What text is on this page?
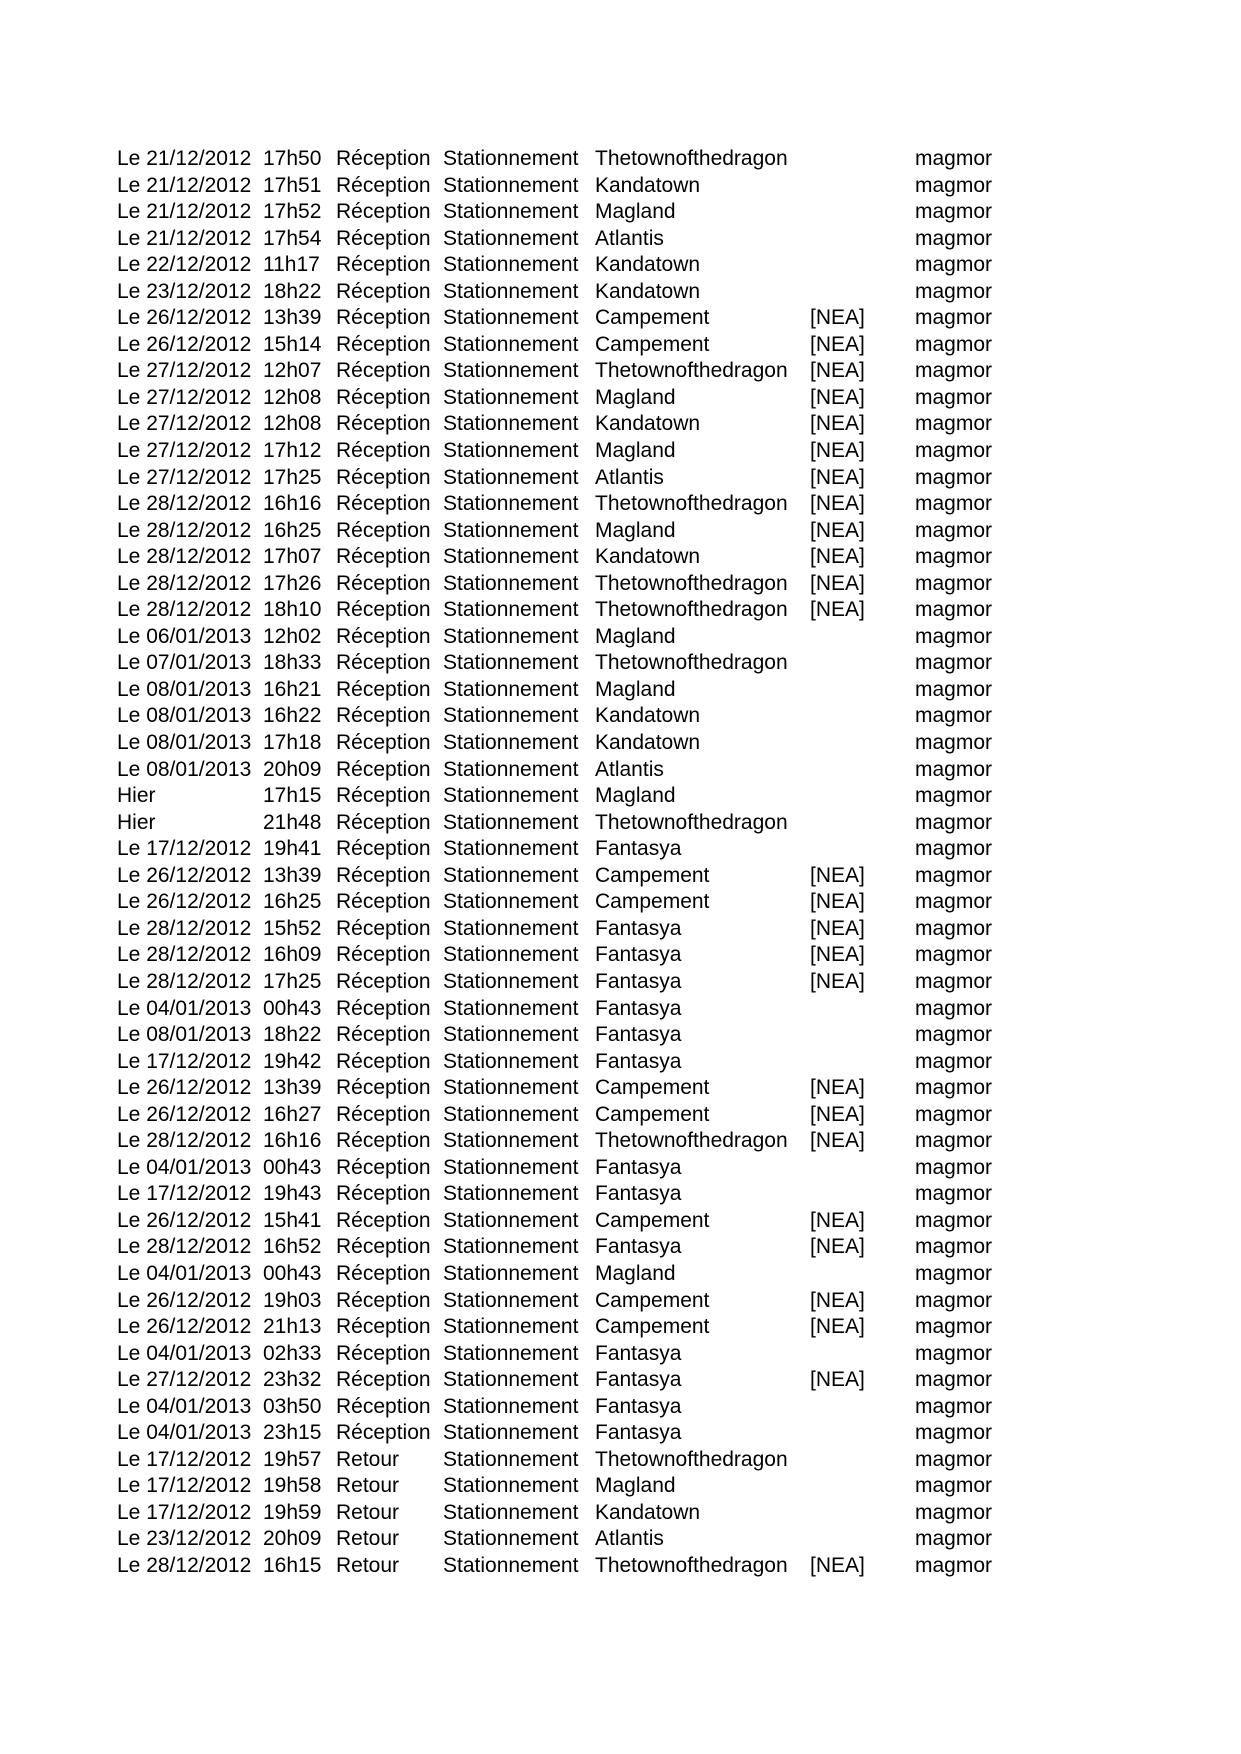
Le 21/12/2012 17h50 Réception Stationnement Thetownofthedragon	magmor
Le 21/12/2012 17h51 Réception Stationnement Kandatown	magmor
Le 21/12/2012 17h52 Réception Stationnement Magland	magmor
Le 21/12/2012 17h54 Réception Stationnement Atlantis	magmor
Le 22/12/2012 11h17 Réception Stationnement Kandatown	magmor
Le 23/12/2012 18h22 Réception Stationnement Kandatown	magmor
Le 26/12/2012 13h39 Réception Stationnement Campement	[NEA]	magmor
Le 26/12/2012 15h14 Réception Stationnement Campement	[NEA]	magmor
Le 27/12/2012 12h07 Réception Stationnement Thetownofthedragon	[NEA]	magmor
Le 27/12/2012 12h08 Réception Stationnement Magland	[NEA]	magmor
Le 27/12/2012 12h08 Réception Stationnement Kandatown	[NEA]	magmor
Le 27/12/2012 17h12 Réception Stationnement Magland	[NEA]	magmor
Le 27/12/2012 17h25 Réception Stationnement Atlantis	[NEA]	magmor
Le 28/12/2012 16h16 Réception Stationnement Thetownofthedragon	[NEA]	magmor
Le 28/12/2012 16h25 Réception Stationnement Magland	[NEA]	magmor
Le 28/12/2012 17h07 Réception Stationnement Kandatown	[NEA]	magmor
Le 28/12/2012 17h26 Réception Stationnement Thetownofthedragon	[NEA]	magmor
Le 28/12/2012 18h10 Réception Stationnement Thetownofthedragon	[NEA]	magmor
Le 06/01/2013 12h02 Réception Stationnement Magland	magmor
Le 07/01/2013 18h33 Réception Stationnement Thetownofthedragon	magmor
Le 08/01/2013 16h21 Réception Stationnement Magland	magmor
Le 08/01/2013 16h22 Réception Stationnement Kandatown	magmor
Le 08/01/2013 17h18 Réception Stationnement Kandatown	magmor
Le 08/01/2013 20h09 Réception Stationnement Atlantis	magmor
Hier	17h15 Réception Stationnement Magland	magmor
Hier	21h48 Réception Stationnement Thetownofthedragon	magmor
Le 17/12/2012 19h41 Réception Stationnement Fantasya	magmor
Le 26/12/2012 13h39 Réception Stationnement Campement	[NEA]	magmor
Le 26/12/2012 16h25 Réception Stationnement Campement	[NEA]	magmor
Le 28/12/2012 15h52 Réception Stationnement Fantasya	[NEA]	magmor
Le 28/12/2012 16h09 Réception Stationnement Fantasya	[NEA]	magmor
Le 28/12/2012 17h25 Réception Stationnement Fantasya	[NEA]	magmor
Le 04/01/2013 00h43 Réception Stationnement Fantasya	magmor
Le 08/01/2013 18h22 Réception Stationnement Fantasya	magmor
Le 17/12/2012 19h42 Réception Stationnement Fantasya	magmor
Le 26/12/2012 13h39 Réception Stationnement Campement	[NEA]	magmor
Le 26/12/2012 16h27 Réception Stationnement Campement	[NEA]	magmor
Le 28/12/2012 16h16 Réception Stationnement Thetownofthedragon	[NEA]	magmor
Le 04/01/2013 00h43 Réception Stationnement Fantasya	magmor
Le 17/12/2012 19h43 Réception Stationnement Fantasya	magmor
Le 26/12/2012 15h41 Réception Stationnement Campement	[NEA]	magmor
Le 28/12/2012 16h52 Réception Stationnement Fantasya	[NEA]	magmor
Le 04/01/2013 00h43 Réception Stationnement Magland	magmor
Le 26/12/2012 19h03 Réception Stationnement Campement	[NEA]	magmor
Le 26/12/2012 21h13 Réception Stationnement Campement	[NEA]	magmor
Le 04/01/2013 02h33 Réception Stationnement Fantasya	magmor
Le 27/12/2012 23h32 Réception Stationnement Fantasya	[NEA]	magmor
Le 04/01/2013 03h50 Réception Stationnement Fantasya	magmor
Le 04/01/2013 23h15 Réception Stationnement Fantasya	magmor
Le 17/12/2012 19h57 Retour	Stationnement Thetownofthedragon	magmor
Le 17/12/2012 19h58 Retour	Stationnement Magland	magmor
Le 17/12/2012 19h59 Retour	Stationnement Kandatown	magmor
Le 23/12/2012 20h09 Retour	Stationnement Atlantis	magmor
Le 28/12/2012 16h15 Retour	Stationnement Thetownofthedragon	[NEA]	magmor
